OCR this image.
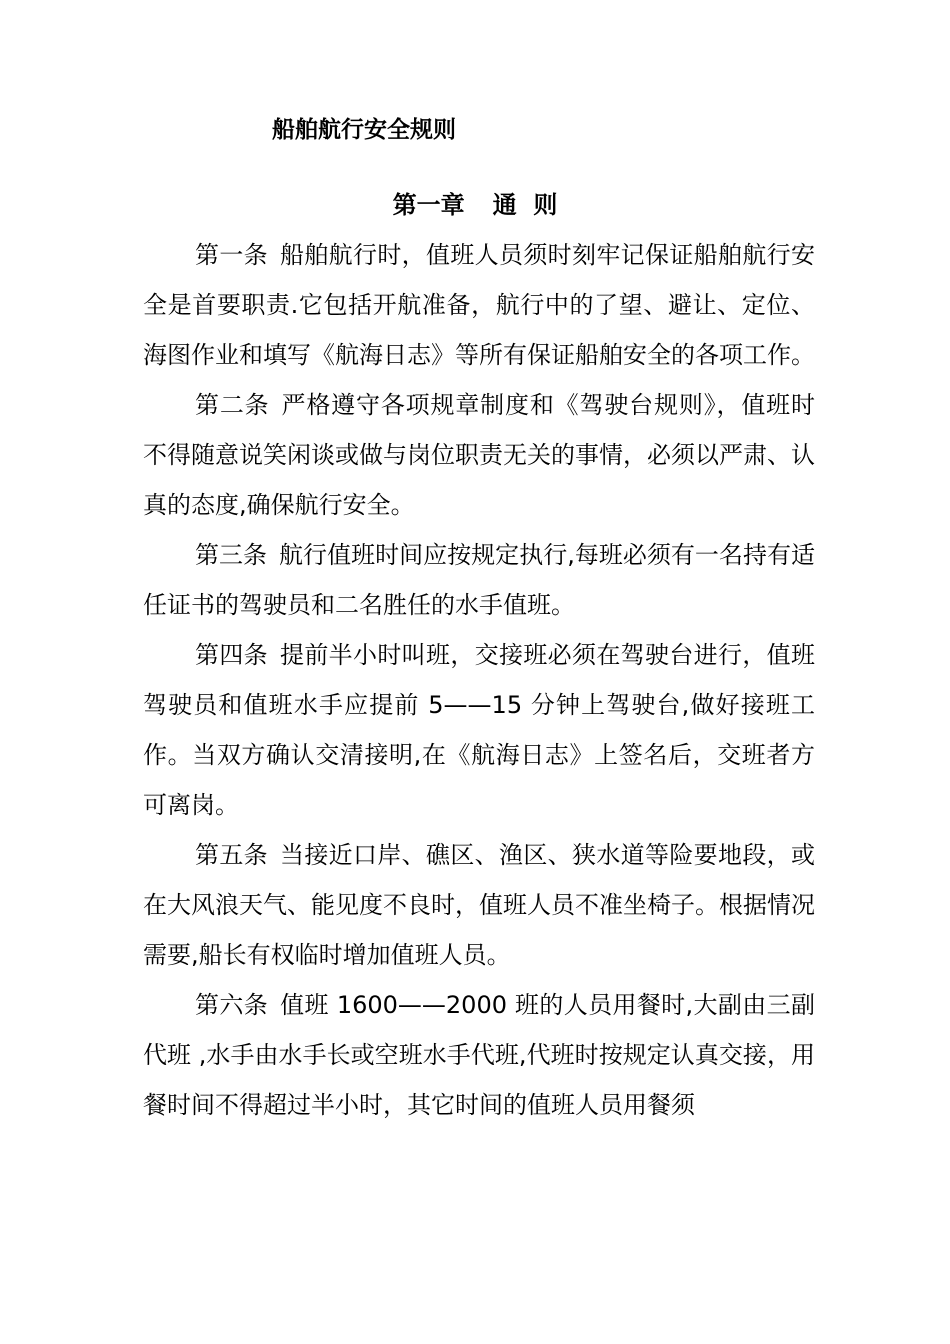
船舶航行安全规则
第一章 通  则

第一条 船舶航行时，值班人员须时刻牢记保证船舶航行安全是首要职责.它包括开航准备，航行中的了望、避让、定位、海图作业和填写《航海日志》等所有保证船舶安全的各项工作。

第二条 严格遵守各项规章制度和《驾驶台规则》，值班时不得随意说笑闲谈或做与岗位职责无关的事情，必须以严肃、认真的态度,确保航行安全。

第三条 航行值班时间应按规定执行,每班必须有一名持有适任证书的驾驶员和二名胜任的水手值班。

第四条 提前半小时叫班，交接班必须在驾驶台进行，值班驾驶员和值班水手应提前 5——15 分钟上驾驶台,做好接班工作。当双方确认交清接明,在《航海日志》上签名后，交班者方可离岗。

第五条 当接近口岸、礁区、渔区、狭水道等险要地段，或在大风浪天气、能见度不良时，值班人员不准坐椅子。根据情况需要,船长有权临时增加值班人员。

第六条 值班 1600——2000 班的人员用餐时,大副由三副代班 ,水手由水手长或空班水手代班,代班时按规定认真交接，用餐时间不得超过半小时，其它时间的值班人员用餐须
